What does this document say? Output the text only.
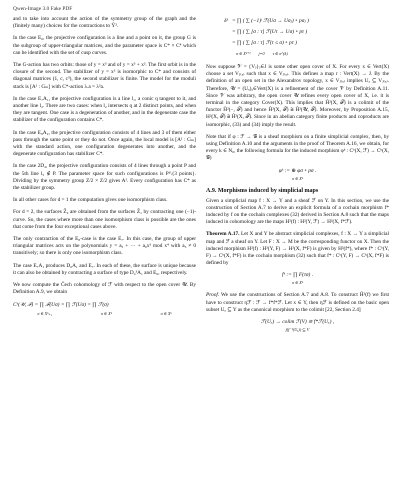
Qwen-Image 3.0 Fake PDF

and to take into account the action of the symmetry group of the graph and the (finitely many) choices for the contractions to Ŷ².

In the case E₆, the projective configuration is a line and a point on it, the group G is the subgroup of upper-triangular matrices, and the parameter space is C* × C⁴ which can be identified with the set of cusp curves.

The G-action has two orbits: those of y = x³ and of y = x³ + x². The first orbit is in the closure of the second. The stabilizer of y = x³ is isomorphic to C* and consists of diagonal matrices (1, c, c³), the second stabilizer is finite. The model for the moduli stack is [A¹ : Gₘ] with C*-action λ.a = λ³a.

In the case E₇A₁, the projective configuration is a line l₁, a conic q tangent to it, and another line l₂. There are two cases: when l₂ intersects q at 2 distinct points, and when they are tangent. One case is a degeneration of another, and in the degenerate case the stabilizer of the configuration contains C*.

In the case E₈A₂, the projective configuration consists of 4 lines and 3 of them either pass through the same point or they do not. Once again, the local model is [A¹ : Gₘ] with the standard action, one configuration degenerates into another, and the degenerate configuration has stabilizer C*.

In the case 2D₄, the projective configuration consists of 4 lines through a point P and the 5th line l₅ ∉ P. The parameter space for such configurations is P¹\{3 points}. Dividing by the symmetry group Z/2 × Z/2 gives A¹. Every configuration has C* as the stabilizer group.

In all other cases for d = 1 the computation gives one isomorphism class.

For d = 2, the surfaces Z̃₂ are obtained from the surfaces Z̃₁ by contracting one (−1)-curve. So, the cases where more than one isomorphism class is possible are the ones that come from the four exceptional cases above.

The only contraction of the E₈-case is the case E₇. In this case, the group of upper triangular matrices acts on the polynomials y = a₃ + ··· + a₀x³ mod x⁴ with a₃ ≠ 0 transitively; so there is only one isomorphism class.

The case E₇A₁ produces D₆A₁ and E₇. In each of these, the surface is unique because it can also be obtained by contracting a surface of type D₄³A₁ and E₆, respectively.

We now compute the Čech cohomology of ℱ with respect to the open cover 𝒰. By Definition A.9, we obtain

Cᵏ(𝒰, ℱ) = ∏ ℱ(Uσ) = ∏ ℱ(Uσ) = ∏ ℱ(σ)
σ ∈ Xᵏ₊₁	σ ∈ Xᵏ	σ ∈ Xᵏ
δᵏ = ∏ ( ∑ (−1)ʲ ℱ(Uσ → Uσⱼ) ∘ pσⱼ )
= ∏ ( ∑ [σ : τ] ℱ(Uτ → Uσ) ∘ pτ )
= ∏ ( ∑ [σ : τ] ℱ(τ ≤ σ) ∘ pτ )
σ ∈ Xᵏ⁺¹ j=0 τ ∈ σ^(k)

Now suppose 𝒱 = {Vⱼ}ⱼ∈J is some other open cover of X. For every x ∈ Vert(X) choose a set Vⱼ₍ₓ₎ such that x ∈ Vⱼ₍ₓ₎. This defines a map r : Vert(X) → J. By the definition of an open set in the Alexandrov topology, x ∈ Vⱼ₍ₓ₎ implies Uₓ ⊆ Vⱼ₍ₓ₎. Therefore, 𝒰 = (Uₓ)ₓ∈Vert(X) is a refinement of the cover 𝒱 by Definition A.11. Since 𝒱 was arbitrary, the open cover 𝒰 refines every open cover of X, i.e. it is terminal in the category Cover(X). This implies that Ĥ²(X, ℱ) is a colimit of the functor Ĥ²(−, ℱ) and hence Ĥ²(X, ℱ) ≅ Ĥ²(𝒰, ℱ). Moreover, by Proposition A.15, H²(X, ℱ) ≅ Ĥ²(X, ℱ). Since in an abelian category finite products and coproducts are isomorphic, (33) and (34) imply the result.

Note that if φ : ℱ → 𝒢 is a sheaf morphism on a finite simplicial complex, then, by using Definition A.10 and the arguments in the proof of Theorem A.16, we obtain, for every k ∈ N₀, the following formula for the induced morphism φᵏ : Cᵏ(X, ℱ) → Cᵏ(X, 𝒢)

φᵏ := ⊕ φσ ∘ pσ .
σ ∈ Xᵏ
A.9. Morphisms induced by simplicial maps

Given a simplicial map f : X → Y and a sheaf ℱ on Y. In this section, we use the construction of Section A.7 to derive an explicit formula of a cochain morphism f* induced by f on the cochain complexes (32) derived in Section A.8 such that the maps induced in cohomology are the maps H²(f) : H²(Y, ℱ) → H²(X, f*ℱ).

Theorem A.17. Let X and Y be abstract simplicial complexes, f : X → Y a simplicial map and ℱ a sheaf on Y. Let F : X → M be the corresponding functor on X. Then the induced morphism H²(f) : H²(Y, F) → H²(X, f*F) is given by H²(f*), where f* : Cᵏ(Y, F) → Cᵏ(X, f*F) is the cochain morphism (32) such that f* : Cᵏ(Y, F) → Cᵏ(X, f*F) is defined by

fᵏ := ∏ F(τσ) .
σ ∈ Xᵏ

Proof. We use the constructions of Section A.7 and A.8. To construct Ĥ²(f) we first have to construct ηℱ : ℱ → f*f*ℱ. Let x ∈ Y, then ηℱ is defined on the basic open subset Uₓ ⊆ Y as the canonical morphism to the colimit [22, Section 2.4]

ℱ(Uₓ) → colim ℱ(V) ≅ f*ℱ(Uₓ) ,
f(f⁻¹(Uₓ)) ⊆ V
